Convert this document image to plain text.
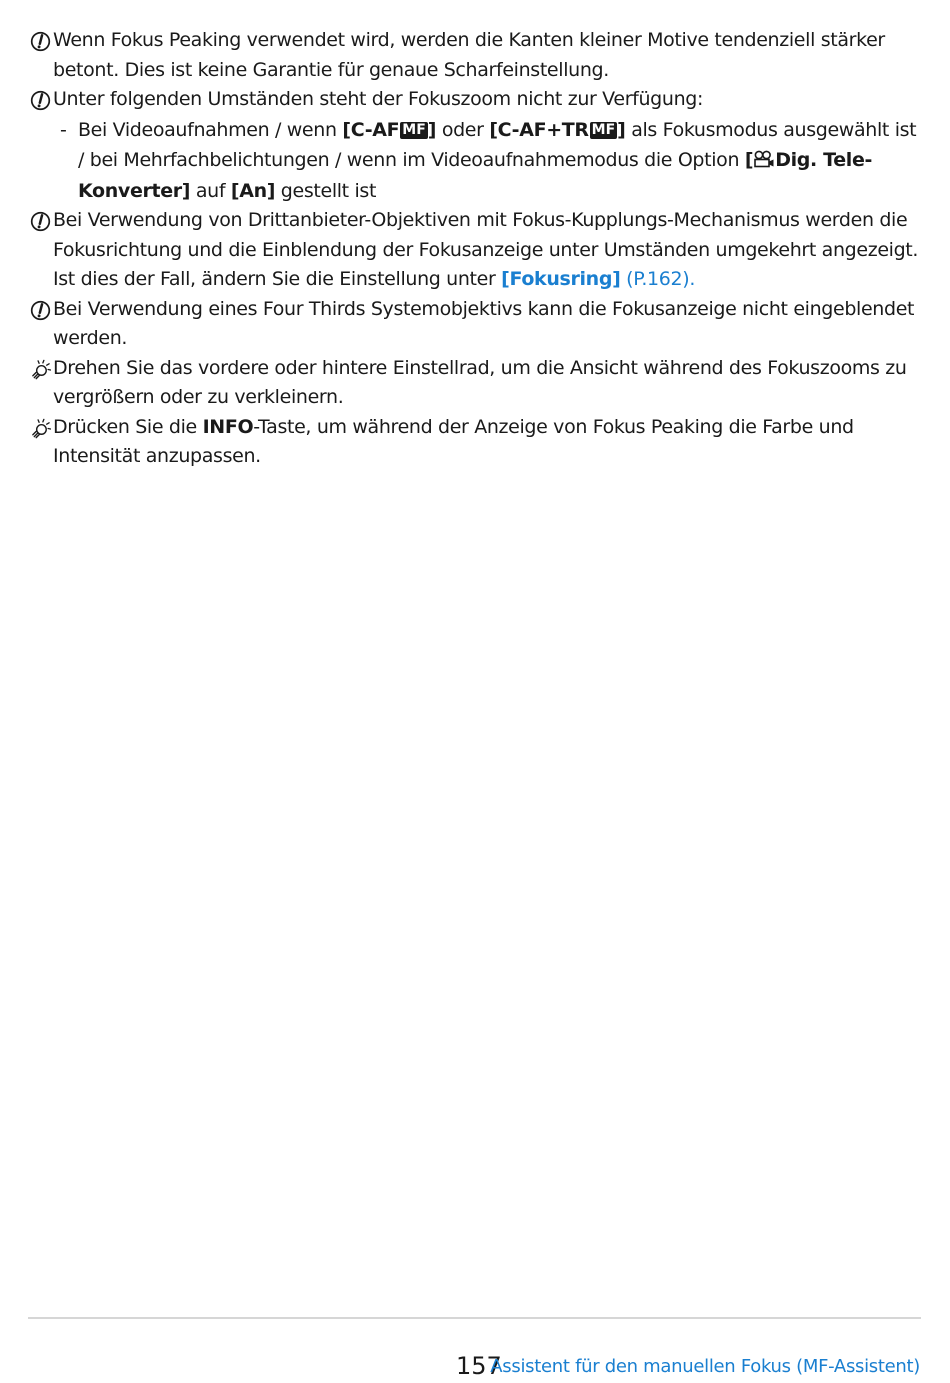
Wenn Fokus Peaking verwendet wird, werden die Kanten kleiner Motive tendenziell stärker betont. Dies ist keine Garantie für genaue Scharfeinstellung.
Unter folgenden Umständen steht der Fokuszoom nicht zur Verfügung:
- Bei Videoaufnahmen / wenn [C-AF MF ] oder [C-AF+TR MF ] als Fokusmodus ausgewählt ist / bei Mehrfachbelichtungen / wenn im Videoaufnahmemodus die Option [ Dig. Tele-Konverter] auf [An] gestellt ist
Bei Verwendung von Drittanbieter-Objektiven mit Fokus-Kupplungs-Mechanismus werden die Fokusrichtung und die Einblendung der Fokusanzeige unter Umständen umgekehrt angezeigt. Ist dies der Fall, ändern Sie die Einstellung unter [Fokusring] (P.162).
Bei Verwendung eines Four Thirds Systemobjektivs kann die Fokusanzeige nicht eingeblendet werden.
Drehen Sie das vordere oder hintere Einstellrad, um die Ansicht während des Fokuszooms zu vergrößern oder zu verkleinern.
Drücken Sie die INFO-Taste, um während der Anzeige von Fokus Peaking die Farbe und Intensität anzupassen.
157
Assistent für den manuellen Fokus (MF-Assistent)
